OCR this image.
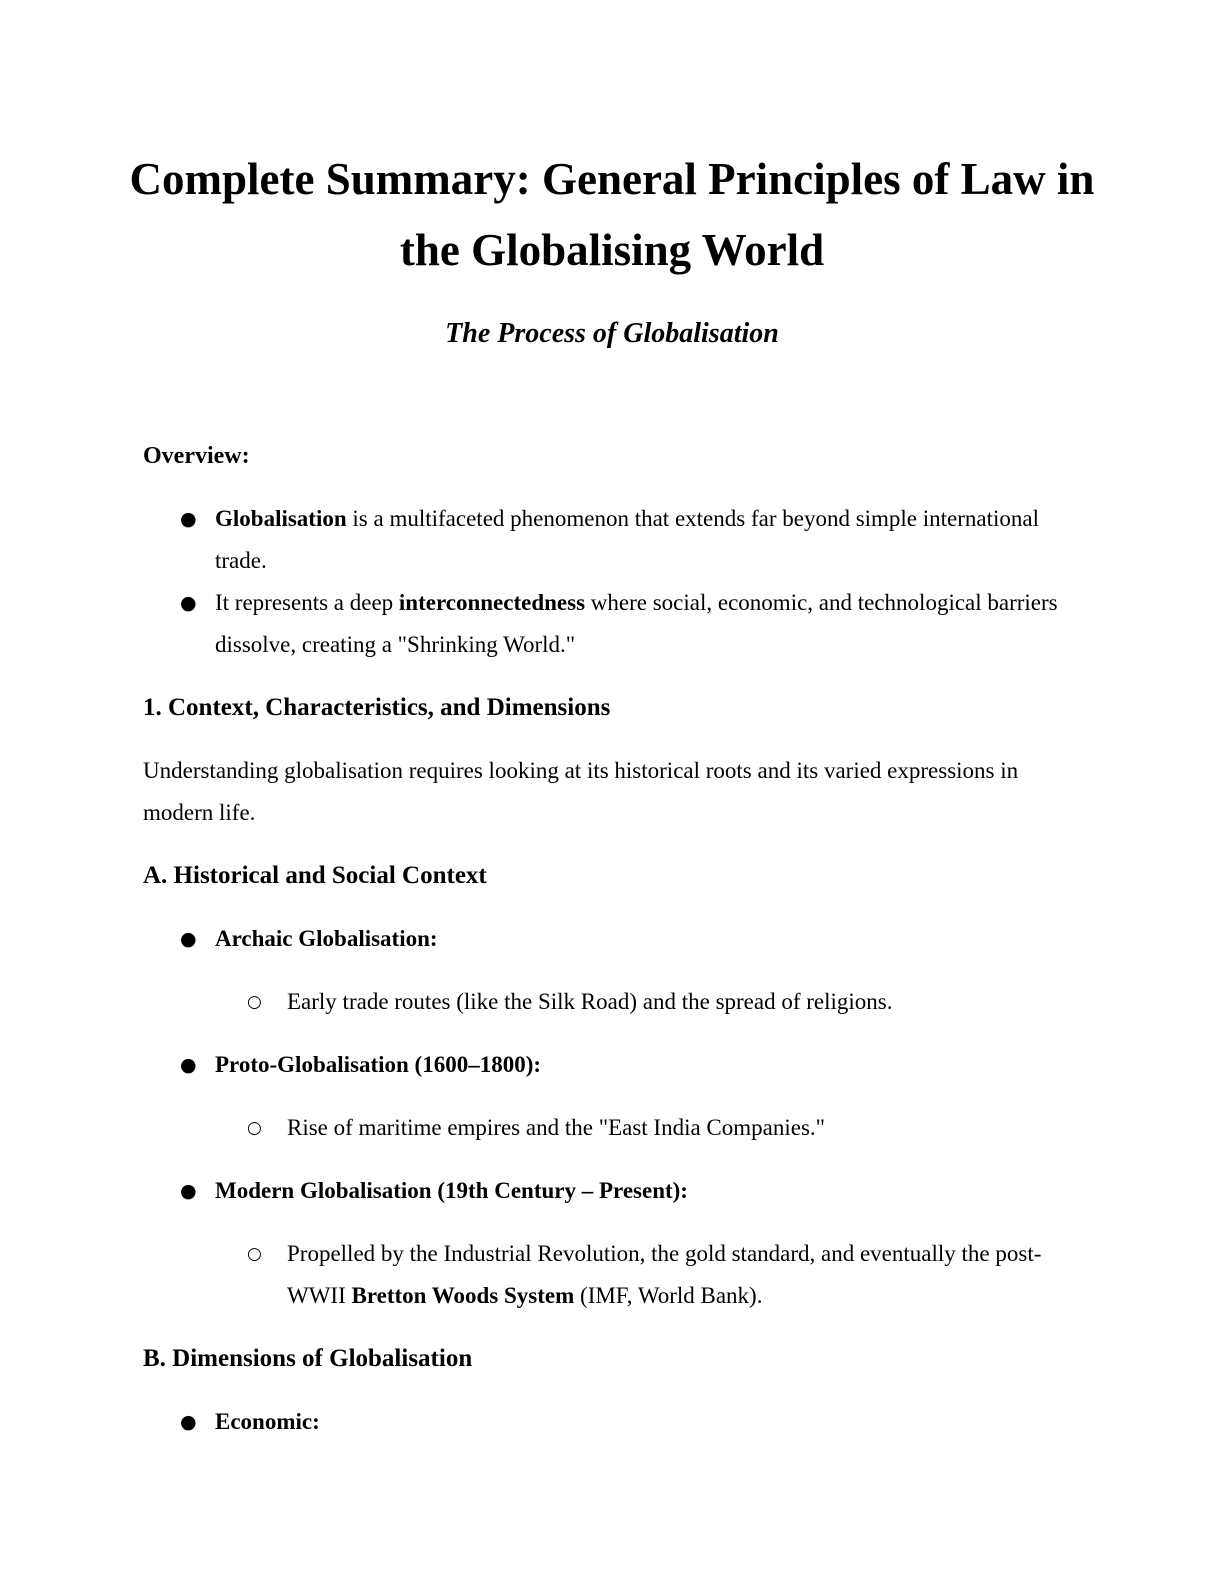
Complete Summary: General Principles of Law in
the Globalising World
The Process of Globalisation
Overview:
● Globalisation is a multifaceted phenomenon that extends far beyond simple international trade.
● It represents a deep interconnectedness where social, economic, and technological barriers dissolve, creating a "Shrinking World."
1. Context, Characteristics, and Dimensions

Understanding globalisation requires looking at its historical roots and its varied expressions in modern life.

A. Historical and Social Context
● Archaic Globalisation:
○ Early trade routes (like the Silk Road) and the spread of religions.
● Proto-Globalisation (1600–1800):
○ Rise of maritime empires and the "East India Companies."
● Modern Globalisation (19th Century – Present):
○ Propelled by the Industrial Revolution, the gold standard, and eventually the post-WWII Bretton Woods System (IMF, World Bank).
B. Dimensions of Globalisation
● Economic:
